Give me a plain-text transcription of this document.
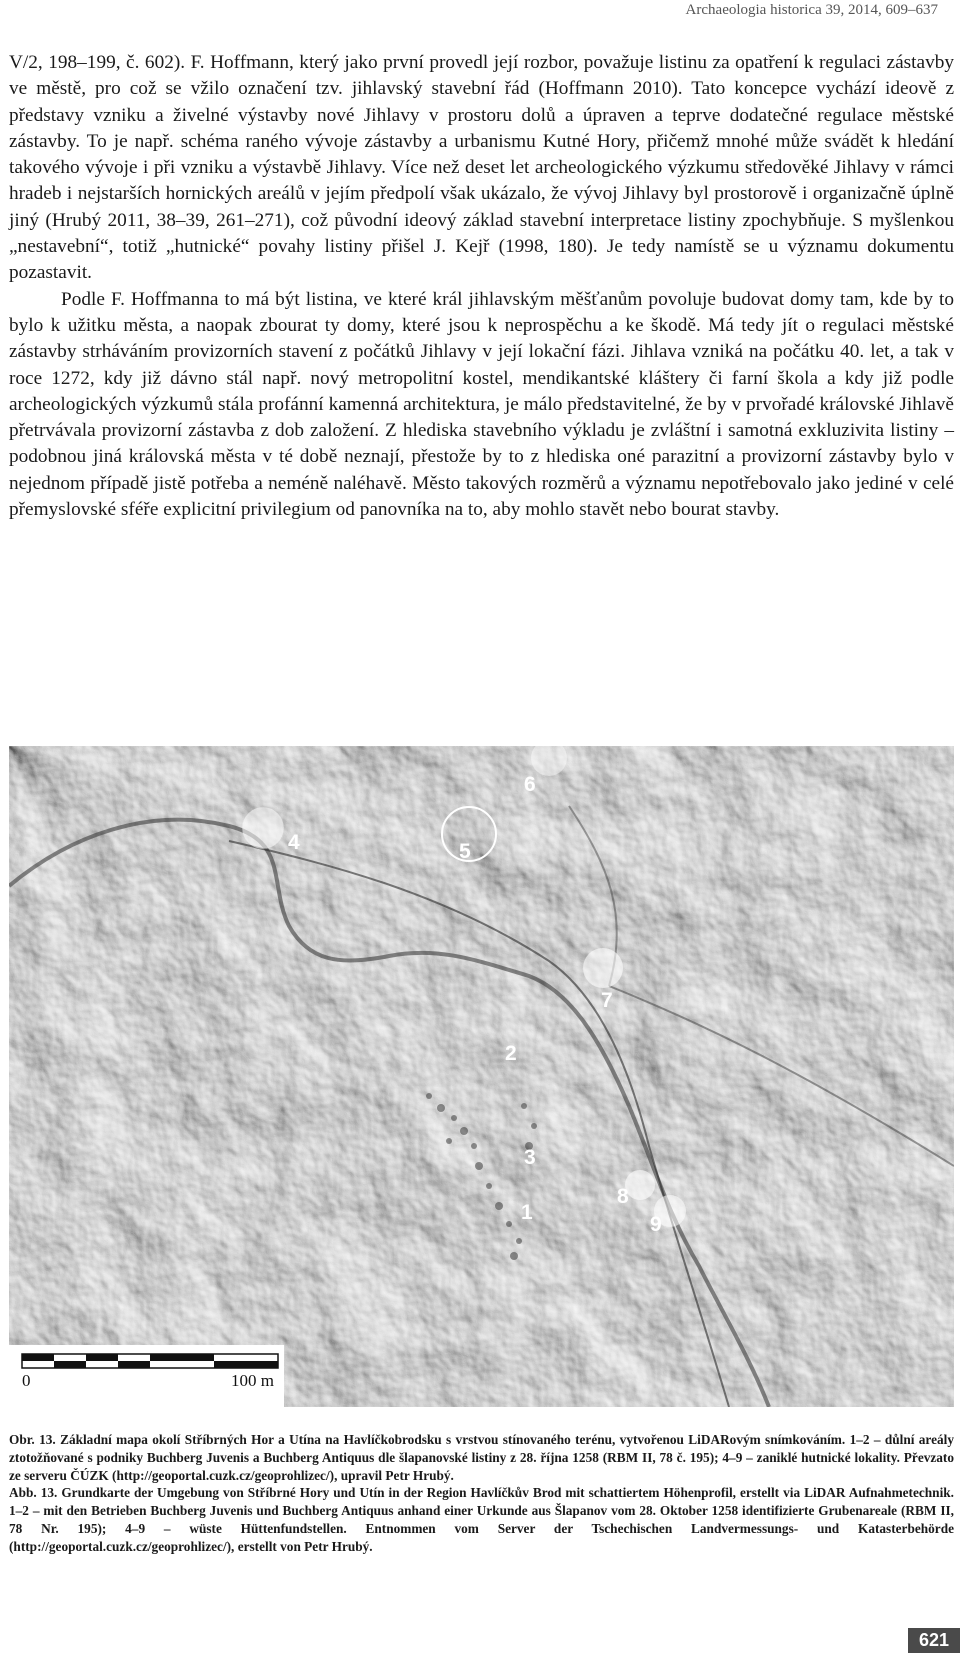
Archaeologia historica 39, 2014, 609–637

V/2, 198–199, č. 602). F. Hoffmann, který jako první provedl její rozbor, považuje listinu za opatření k regulaci zástavby ve městě, pro což se vžilo označení tzv. jihlavský stavební řád (Hoffmann 2010). Tato koncepce vychází ideově z představy vzniku a živelné výstavby nové Jihlavy v prostoru dolů a úpraven a teprve dodatečné regulace městské zástavby. To je např. schéma raného vývoje zástavby a urbanismu Kutné Hory, přičemž mnohé může svádět k hledání takového vývoje i při vzniku a výstavbě Jihlavy. Více než deset let archeologického výzkumu středověké Jihlavy v rámci hradeb i nejstarších hornických areálů v jejím předpolí však ukázalo, že vývoj Jihlavy byl prostorově i organizačně úplně jiný (Hrubý 2011, 38–39, 261–271), což původní ideový základ stavební interpretace listiny zpochybňuje. S myšlenkou „nestavební“, totiž „hutnické“ povahy listiny přišel J. Kejř (1998, 180). Je tedy namístě se u významu dokumentu pozastavit.

Podle F. Hoffmanna to má být listina, ve které král jihlavským měšťanům povoluje budovat domy tam, kde by to bylo k užitku města, a naopak zbourat ty domy, které jsou k neprospěchu a ke škodě. Má tedy jít o regulaci městské zástavby strháváním provizorních stavení z počátků Jihlavy v její lokační fázi. Jihlava vzniká na počátku 40. let, a tak v roce 1272, kdy již dávno stál např. nový metropolitní kostel, mendikantské kláštery či farní škola a kdy již podle archeologických výzkumů stála profánní kamenná architektura, je málo představitelné, že by v prvořadé královské Jihlavě přetrvávala provizorní zástavba z dob založení. Z hlediska stavebního výkladu je zvláštní i samotná exkluzivita listiny – podobnou jiná královská města v té době neznají, přestože by to z hlediska oné parazitní a provizorní zástavby bylo v nejednom případě jistě potřeba a neméně naléhavě. Město takových rozměrů a významu nepotřebovalo jako jediné v celé přemyslovské sféře explicitní privilegium od panovníka na to, aby mohlo stavět nebo bourat stavby.

1
2
3
4	5
6
7
8
9
0	100 m

Obr. 13. Základní mapa okolí Stříbrných Hor a Utína na Havlíčkobrodsku s vrstvou stínovaného terénu, vytvořenou LiDARovým snímkováním. 1–2 – důlní areály ztotožňované s podniky Buchberg Juvenis a Buchberg Antiquus dle šlapanovské listiny z 28. října 1258 (RBM II, 78 č. 195); 4–9 – zaniklé hutnické lokality. Převzato ze serveru ČÚZK (http://geoportal.cuzk.cz/geoprohlizec/), upravil Petr Hrubý.

Abb. 13. Grundkarte der Umgebung von Stříbrné Hory und Utín in der Region Havlíčkův Brod mit schattiertem Höhenprofil, erstellt via LiDAR Aufnahmetechnik. 1–2 – mit den Betrieben Buchberg Juvenis und Buchberg Antiquus anhand einer Urkunde aus Šlapanov vom 28. Oktober 1258 identifizierte Grubenareale (RBM II, 78 Nr. 195); 4–9 – wüste Hüttenfundstellen. Entnommen vom Server der Tschechischen Landvermessungs- und Katasterbehörde (http://geoportal.cuzk.cz/geoprohlizec/), erstellt von Petr Hrubý.

621
